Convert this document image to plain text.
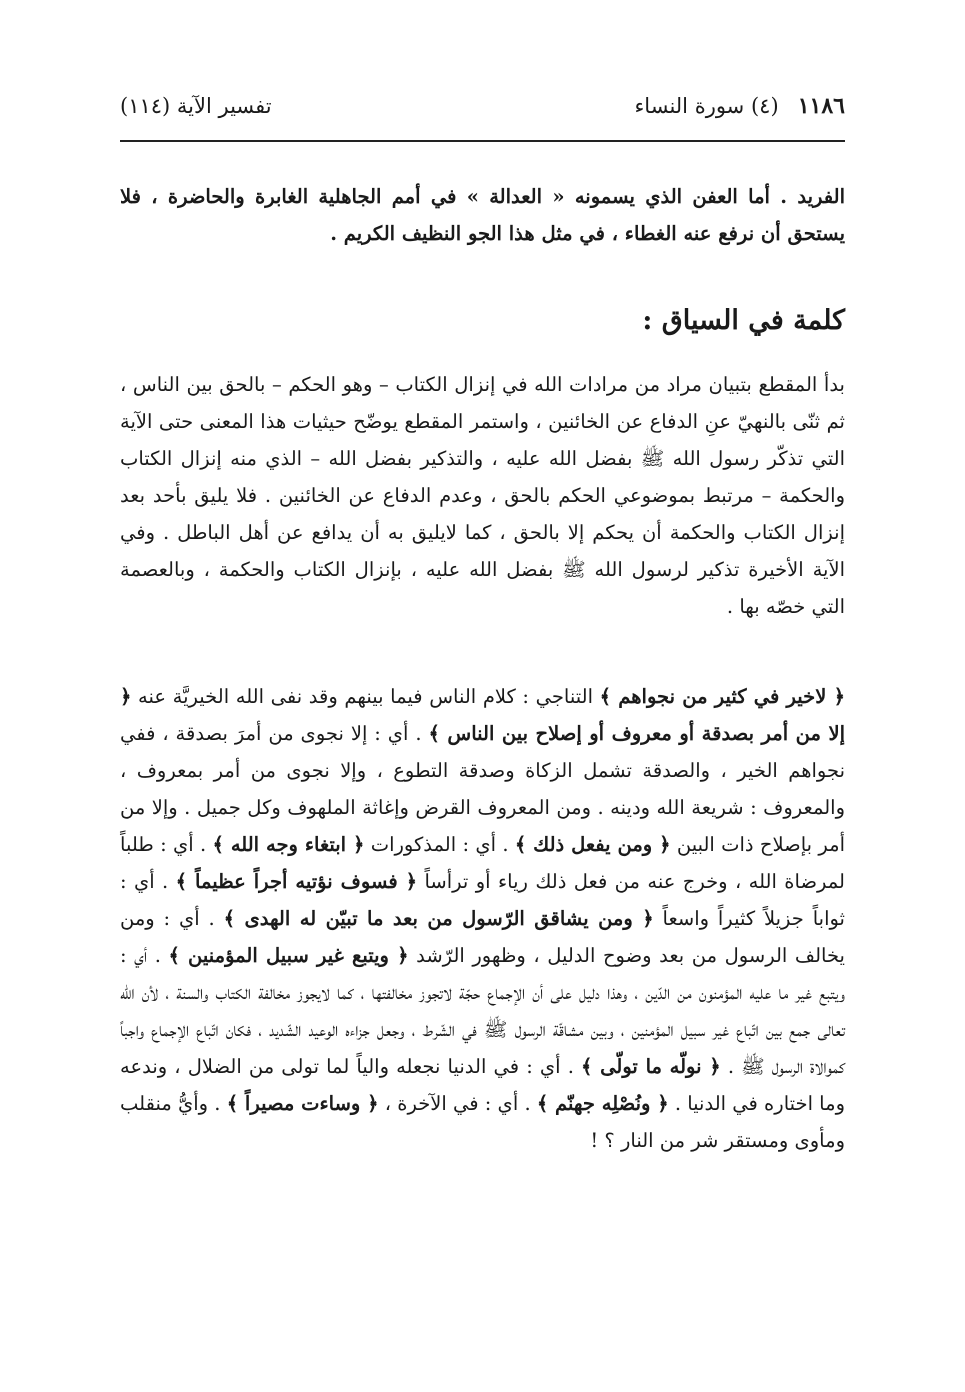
١١٨٦ (٤) سورة النساء
تفسير الآية (١١٤)

الفريد . أما العفن الذي يسمونه « العدالة » في أمم الجاهلية الغابرة والحاضرة ، فلا يستحق أن نرفع عنه الغطاء ، في مثل هذا الجو النظيف الكريم .

كلمة في السياق :

بدأ المقطع بتبيان مراد من مرادات الله في إنزال الكتاب – وهو الحكم – بالحق بين الناس ، ثم ثنّى بالنهيّ عنِ الدفاع عن الخائنين ، واستمر المقطع يوضّح حيثيات هذا المعنى حتى الآية التي تذكّر رسول الله ﷺ بفضل الله عليه ، والتذكير بفضل الله – الذي منه إنزال الكتاب والحكمة – مرتبط بموضوعي الحكم بالحق ، وعدم الدفاع عن الخائنين . فلا يليق بأحد بعد إنزال الكتاب والحكمة أن يحكم إلا بالحق ، كما لايليق به أن يدافع عن أهل الباطل . وفي الآية الأخيرة تذكير لرسول الله ﷺ بفضل الله عليه ، بإنزال الكتاب والحكمة ، وبالعصمة التي خصّه بها .

﴿ لاخير في كثير من نجواهم ﴾ التناجي : كلام الناس فيما بينهم وقد نفى الله الخيريَّة عنه ﴿ إلا من أمر بصدقة أو معروف أو إصلاح بين الناس ﴾ . أي : إلا نجوى من أمرَ بصدقة ، ففي نجواهم الخير ، والصدقة تشمل الزكاة وصدقة التطوع ، وإلا نجوى من أمر بمعروف ، والمعروف : شريعة الله ودينه . ومن المعروف القرض وإغاثة الملهوف وكل جميل . وإلا من أمر بإصلاح ذات البين ﴿ ومن يفعل ذلك ﴾ . أي : المذكورات ﴿ ابتغاء وجه الله ﴾ . أي : طلباً لمرضاة الله ، وخرج عنه من فعل ذلك رياء أو ترأساً ﴿ فسوف نؤتيه أجراً عظيماً ﴾ . أي : ثواباً جزيلاً كثيراً واسعاً ﴿ ومن يشاقق الرّسول من بعد ما تبيّن له الهدى ﴾ . أي : ومن يخالف الرسول من بعد وضوح الدليل ، وظهور الرّشد ﴿ ويتبع غير سبيل المؤمنين ﴾ . أي : ويتبع غير ما عليه المؤمنون من الدّين ، وهذا دليل على أن الإجماع حجّة لاتجوز مخالفتها ، كما لايجوز مخالفة الكتاب والسنة ، لأن الله تعالى جمع بين اتّباع غير سبيل المؤمنين ، وبين مشاقّة الرسول ﷺ في الشّرط ، وجعل جزاءه الوعيد الشّديد ، فكان اتّباع الإجماع واجباً كموالاة الرسول ﷺ . ﴿ نولّه ما تولّى ﴾ . أي : في الدنيا نجعله والياً لما تولى من الضلال ، وندعه وما اختاره في الدنيا . ﴿ ونُصْلِه جهنّم ﴾ . أي : في الآخرة ، ﴿ وساءت مصيراً ﴾ . وأيُّ منقلب ومأوى ومستقر شر من النار ؟ !
